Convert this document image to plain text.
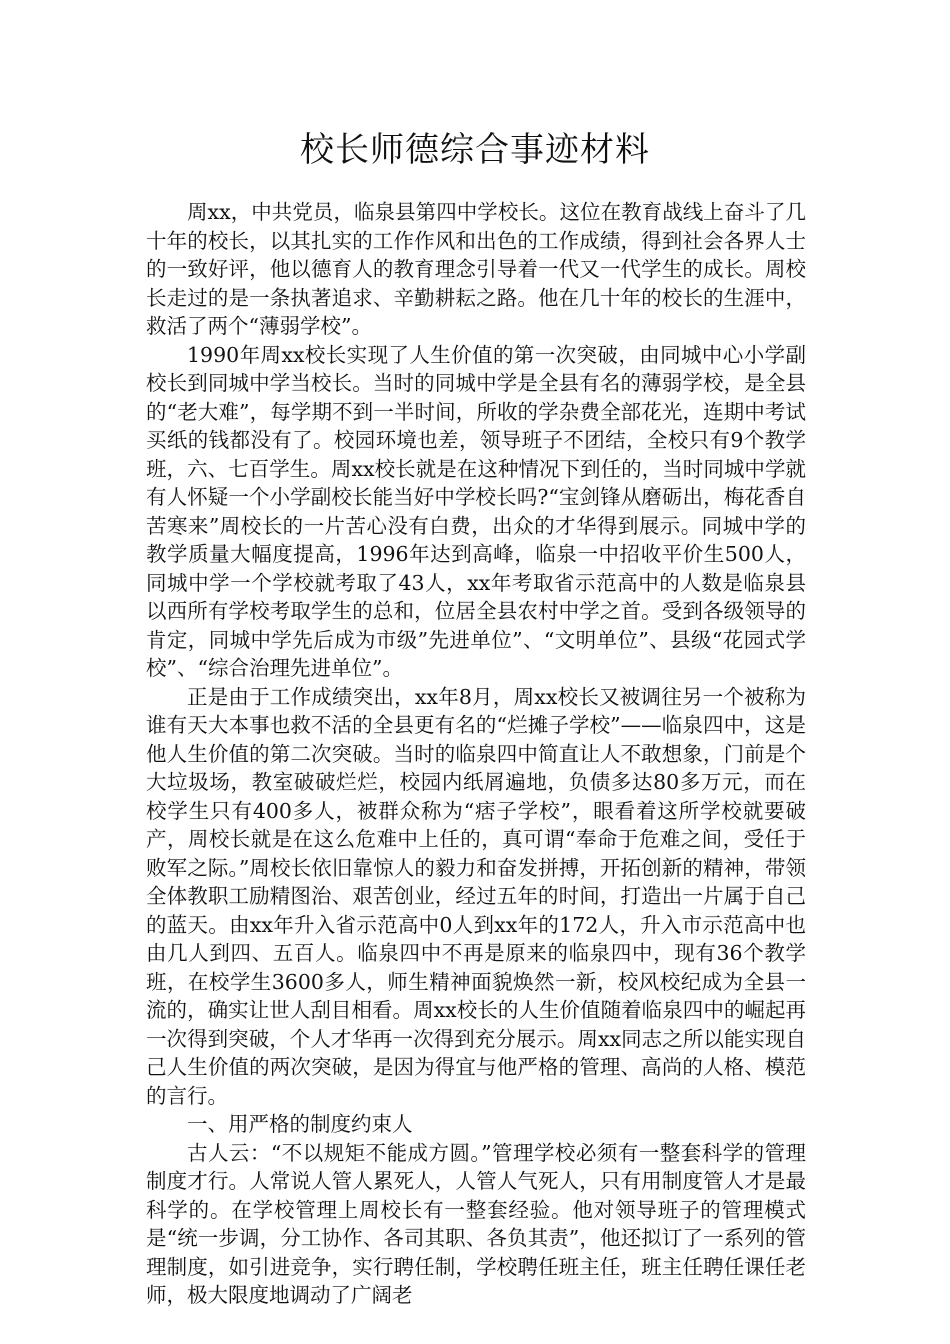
校长师德综合事迹材料

周xx，中共党员，临泉县第四中学校长。这位在教育战线上奋斗了几十年的校长，以其扎实的工作作风和出色的工作成绩，得到社会各界人士的一致好评，他以德育人的教育理念引导着一代又一代学生的成长。周校长走过的是一条执著追求、辛勤耕耘之路。他在几十年的校长的生涯中，救活了两个“薄弱学校”。

1990年周xx校长实现了人生价值的第一次突破，由同城中心小学副校长到同城中学当校长。当时的同城中学是全县有名的薄弱学校，是全县的“老大难”，每学期不到一半时间，所收的学杂费全部花光，连期中考试买纸的钱都没有了。校园环境也差，领导班子不团结，全校只有9个教学班，六、七百学生。周xx校长就是在这种情况下到任的，当时同城中学就有人怀疑一个小学副校长能当好中学校长吗?“宝剑锋从磨砺出，梅花香自苦寒来”周校长的一片苦心没有白费，出众的才华得到展示。同城中学的教学质量大幅度提高，1996年达到高峰，临泉一中招收平价生500人，同城中学一个学校就考取了43人，xx年考取省示范高中的人数是临泉县以西所有学校考取学生的总和，位居全县农村中学之首。受到各级领导的肯定，同城中学先后成为市级”先进单位”、“文明单位”、县级“花园式学校”、“综合治理先进单位”。

正是由于工作成绩突出，xx年8月，周xx校长又被调往另一个被称为谁有天大本事也救不活的全县更有名的“烂摊子学校”——临泉四中，这是他人生价值的第二次突破。当时的临泉四中简直让人不敢想象，门前是个大垃圾场，教室破破烂烂，校园内纸屑遍地，负债多达80多万元，而在校学生只有400多人，被群众称为“痞子学校”，眼看着这所学校就要破产，周校长就是在这么危难中上任的，真可谓“奉命于危难之间，受任于败军之际。”周校长依旧靠惊人的毅力和奋发拼搏，开拓创新的精神，带领全体教职工励精图治、艰苦创业，经过五年的时间，打造出一片属于自己的蓝天。由xx年升入省示范高中0人到xx年的172人，升入市示范高中也由几人到四、五百人。临泉四中不再是原来的临泉四中，现有36个教学班，在校学生3600多人，师生精神面貌焕然一新，校风校纪成为全县一流的，确实让世人刮目相看。周xx校长的人生价值随着临泉四中的崛起再一次得到突破，个人才华再一次得到充分展示。周xx同志之所以能实现自己人生价值的两次突破，是因为得宜与他严格的管理、高尚的人格、模范的言行。

一、用严格的制度约束人

古人云：“不以规矩不能成方圆。”管理学校必须有一整套科学的管理制度才行。人常说人管人累死人，人管人气死人，只有用制度管人才是最科学的。在学校管理上周校长有一整套经验。他对领导班子的管理模式是“统一步调，分工协作、各司其职、各负其责”，他还拟订了一系列的管理制度，如引进竞争，实行聘任制，学校聘任班主任，班主任聘任课任老师，极大限度地调动了广阔老
